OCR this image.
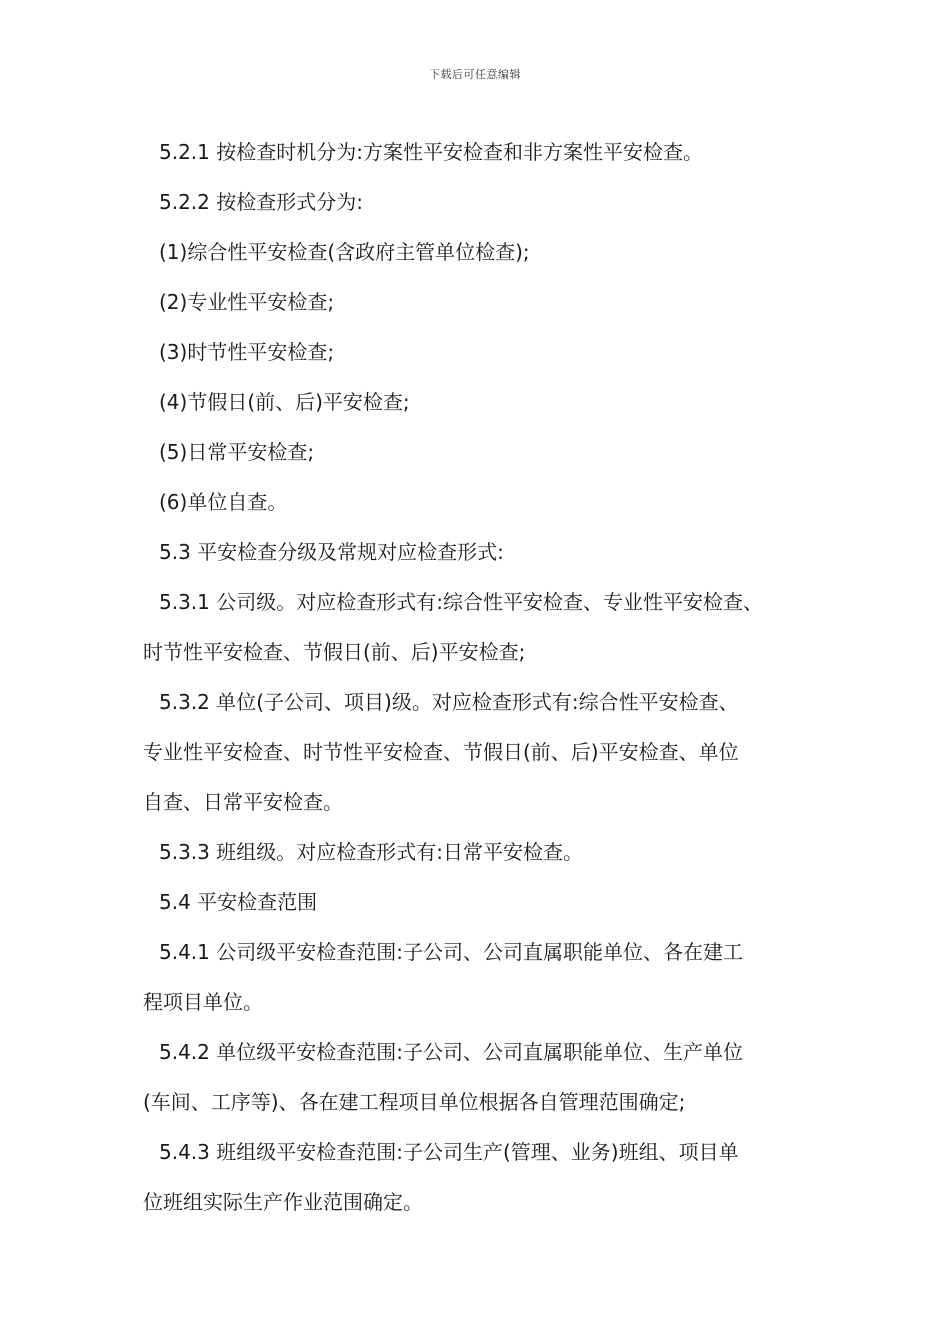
下载后可任意编辑

5.2.1 按检查时机分为:方案性平安检查和非方案性平安检查。

5.2.2 按检查形式分为:

(1)综合性平安检查(含政府主管单位检查);

(2)专业性平安检查;

(3)时节性平安检查;

(4)节假日(前、后)平安检查;

(5)日常平安检查;

(6)单位自查。

5.3 平安检查分级及常规对应检查形式:

5.3.1 公司级。对应检查形式有:综合性平安检查、专业性平安检查、

时节性平安检查、节假日(前、后)平安检查;

5.3.2 单位(子公司、项目)级。对应检查形式有:综合性平安检查、

专业性平安检查、时节性平安检查、节假日(前、后)平安检查、单位

自查、日常平安检查。

5.3.3 班组级。对应检查形式有:日常平安检查。

5.4 平安检查范围

5.4.1 公司级平安检查范围:子公司、公司直属职能单位、各在建工

程项目单位。

5.4.2 单位级平安检查范围:子公司、公司直属职能单位、生产单位

(车间、工序等)、各在建工程项目单位根据各自管理范围确定;

5.4.3 班组级平安检查范围:子公司生产(管理、业务)班组、项目单

位班组实际生产作业范围确定。
